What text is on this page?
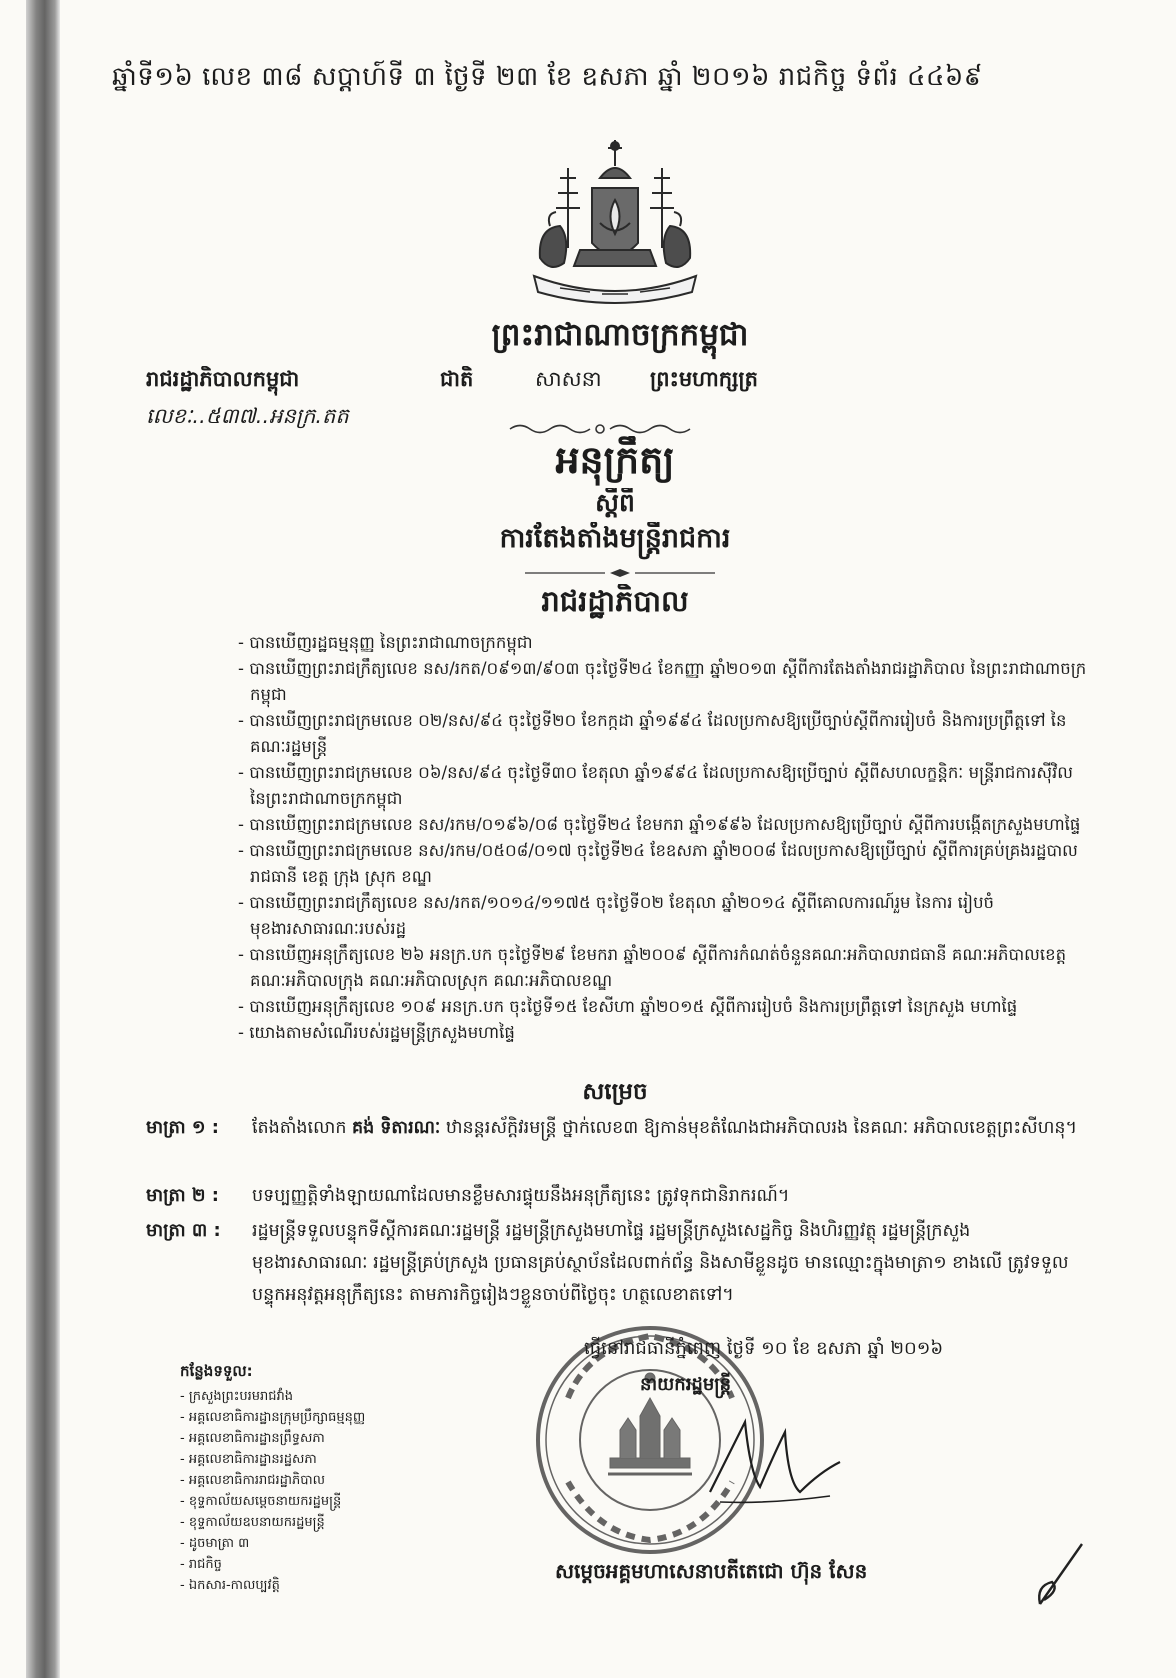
ឆ្នាំទី១៦ លេខ ៣៨ សប្តាហ៍ទី ៣ ថ្ងៃទី ២៣ ខែ ឧសភា ឆ្នាំ ២០១៦ រាជកិច្ច ទំព័រ ៤៤៦៩
ព្រះរាជាណាចក្រកម្ពុជា
រាជរដ្ឋាភិបាលកម្ពុជា	ជាតិ	សាសនា	ព្រះមហាក្សត្រ
លេខៈ..៥៣៧..អនក្រ.តត
អនុក្រឹត្យ
ស្តីពី
ការតែងតាំងមន្ត្រីរាជការ
រាជរដ្ឋាភិបាល
- បានឃើញរដ្ឋធម្មនុញ្ញ នៃព្រះរាជាណាចក្រកម្ពុជា
- បានឃើញព្រះរាជក្រឹត្យលេខ នស/រកត/០៩១៣/៩០៣ ចុះថ្ងៃទី២៤ ខែកញ្ញា ឆ្នាំ២០១៣ ស្តីពីការតែងតាំងរាជរដ្ឋាភិបាល នៃព្រះរាជាណាចក្រកម្ពុជា
- បានឃើញព្រះរាជក្រមលេខ ០២/នស/៩៤ ចុះថ្ងៃទី២០ ខែកក្កដា ឆ្នាំ១៩៩៤ ដែលប្រកាសឱ្យប្រើច្បាប់ស្តីពីការរៀបចំ និងការប្រព្រឹត្តទៅ នៃគណៈរដ្ឋមន្ត្រី
- បានឃើញព្រះរាជក្រមលេខ ០៦/នស/៩៤ ចុះថ្ងៃទី៣០ ខែតុលា ឆ្នាំ១៩៩៤ ដែលប្រកាសឱ្យប្រើច្បាប់ ស្តីពីសហលក្ខន្តិកៈ មន្ត្រីរាជការស៊ីវិល នៃព្រះរាជាណាចក្រកម្ពុជា
- បានឃើញព្រះរាជក្រមលេខ នស/រកម/០១៩៦/០៨ ចុះថ្ងៃទី២៤ ខែមករា ឆ្នាំ១៩៩៦ ដែលប្រកាសឱ្យប្រើច្បាប់ ស្តីពីការបង្កើតក្រសួងមហាផ្ទៃ
- បានឃើញព្រះរាជក្រមលេខ នស/រកម/០៥០៨/០១៧ ចុះថ្ងៃទី២៤ ខែឧសភា ឆ្នាំ២០០៨ ដែលប្រកាសឱ្យប្រើច្បាប់ ស្តីពីការគ្រប់គ្រងរដ្ឋបាលរាជធានី ខេត្ត ក្រុង ស្រុក ខណ្ឌ
- បានឃើញព្រះរាជក្រឹត្យលេខ នស/រកត/១០១៤/១១៧៥ ចុះថ្ងៃទី០២ ខែតុលា ឆ្នាំ២០១៤ ស្តីពីគោលការណ៍រួម នៃការ រៀបចំមុខងារសាធារណៈរបស់រដ្ឋ
- បានឃើញអនុក្រឹត្យលេខ ២៦ អនក្រ.បក ចុះថ្ងៃទី២៩ ខែមករា ឆ្នាំ២០០៩ ស្តីពីការកំណត់ចំនួនគណៈអភិបាលរាជធានី គណៈអភិបាលខេត្ត គណៈអភិបាលក្រុង គណៈអភិបាលស្រុក គណៈអភិបាលខណ្ឌ
- បានឃើញអនុក្រឹត្យលេខ ១០៩ អនក្រ.បក ចុះថ្ងៃទី១៥ ខែសីហា ឆ្នាំ២០១៥ ស្តីពីការរៀបចំ និងការប្រព្រឹត្តទៅ នៃក្រសួង មហាផ្ទៃ
- យោងតាមសំណើរបស់រដ្ឋមន្ត្រីក្រសួងមហាផ្ទៃ
សម្រេច
មាត្រា ១ :	តែងតាំងលោក គង់ ទិតារណៈ ឋានន្តរស័ក្តិវរមន្ត្រី ថ្នាក់លេខ៣ ឱ្យកាន់មុខតំណែងជាអភិបាលរង នៃគណៈ អភិបាលខេត្តព្រះសីហនុ។
មាត្រា ២ :	បទប្បញ្ញត្តិទាំងឡាយណាដែលមានខ្លឹមសារផ្ទុយនឹងអនុក្រឹត្យនេះ ត្រូវទុកជានិរាករណ៍។
មាត្រា ៣ :	រដ្ឋមន្ត្រីទទួលបន្ទុកទីស្តីការគណៈរដ្ឋមន្ត្រី រដ្ឋមន្ត្រីក្រសួងមហាផ្ទៃ រដ្ឋមន្ត្រីក្រសួងសេដ្ឋកិច្ច និងហិរញ្ញវត្ថុ រដ្ឋមន្ត្រីក្រសួងមុខងារសាធារណៈ រដ្ឋមន្ត្រីគ្រប់ក្រសួង ប្រធានគ្រប់ស្ថាប័នដែលពាក់ព័ន្ធ និងសាមីខ្លួនដូច មានឈ្មោះក្នុងមាត្រា១ ខាងលើ ត្រូវទទួលបន្ទុកអនុវត្តអនុក្រឹត្យនេះ តាមភារកិច្ចរៀងៗខ្លួនចាប់ពីថ្ងៃចុះ ហត្ថលេខាតទៅ។
កន្លែងទទួល:
- ក្រសួងព្រះបរមរាជវាំង
- អគ្គលេខាធិការដ្ឋានក្រុមប្រឹក្សាធម្មនុញ្ញ
- អគ្គលេខាធិការដ្ឋានព្រឹទ្ធសភា
- អគ្គលេខាធិការដ្ឋានរដ្ឋសភា
- អគ្គលេខាធិការរាជរដ្ឋាភិបាល
- ខុទ្ទកាល័យសម្តេចនាយករដ្ឋមន្ត្រី
- ខុទ្ទកាល័យឧបនាយករដ្ឋមន្ត្រី
- ដូចមាត្រា ៣
- រាជកិច្ច
- ឯកសារ-កាលប្បវត្តិ
ធ្វើនៅរាជធានីភ្នំពេញ ថ្ងៃទី ១០ ខែ ឧសភា ឆ្នាំ ២០១៦
នាយករដ្ឋមន្ត្រី
សម្តេចអគ្គមហាសេនាបតីតេជោ ហ៊ុន សែន
